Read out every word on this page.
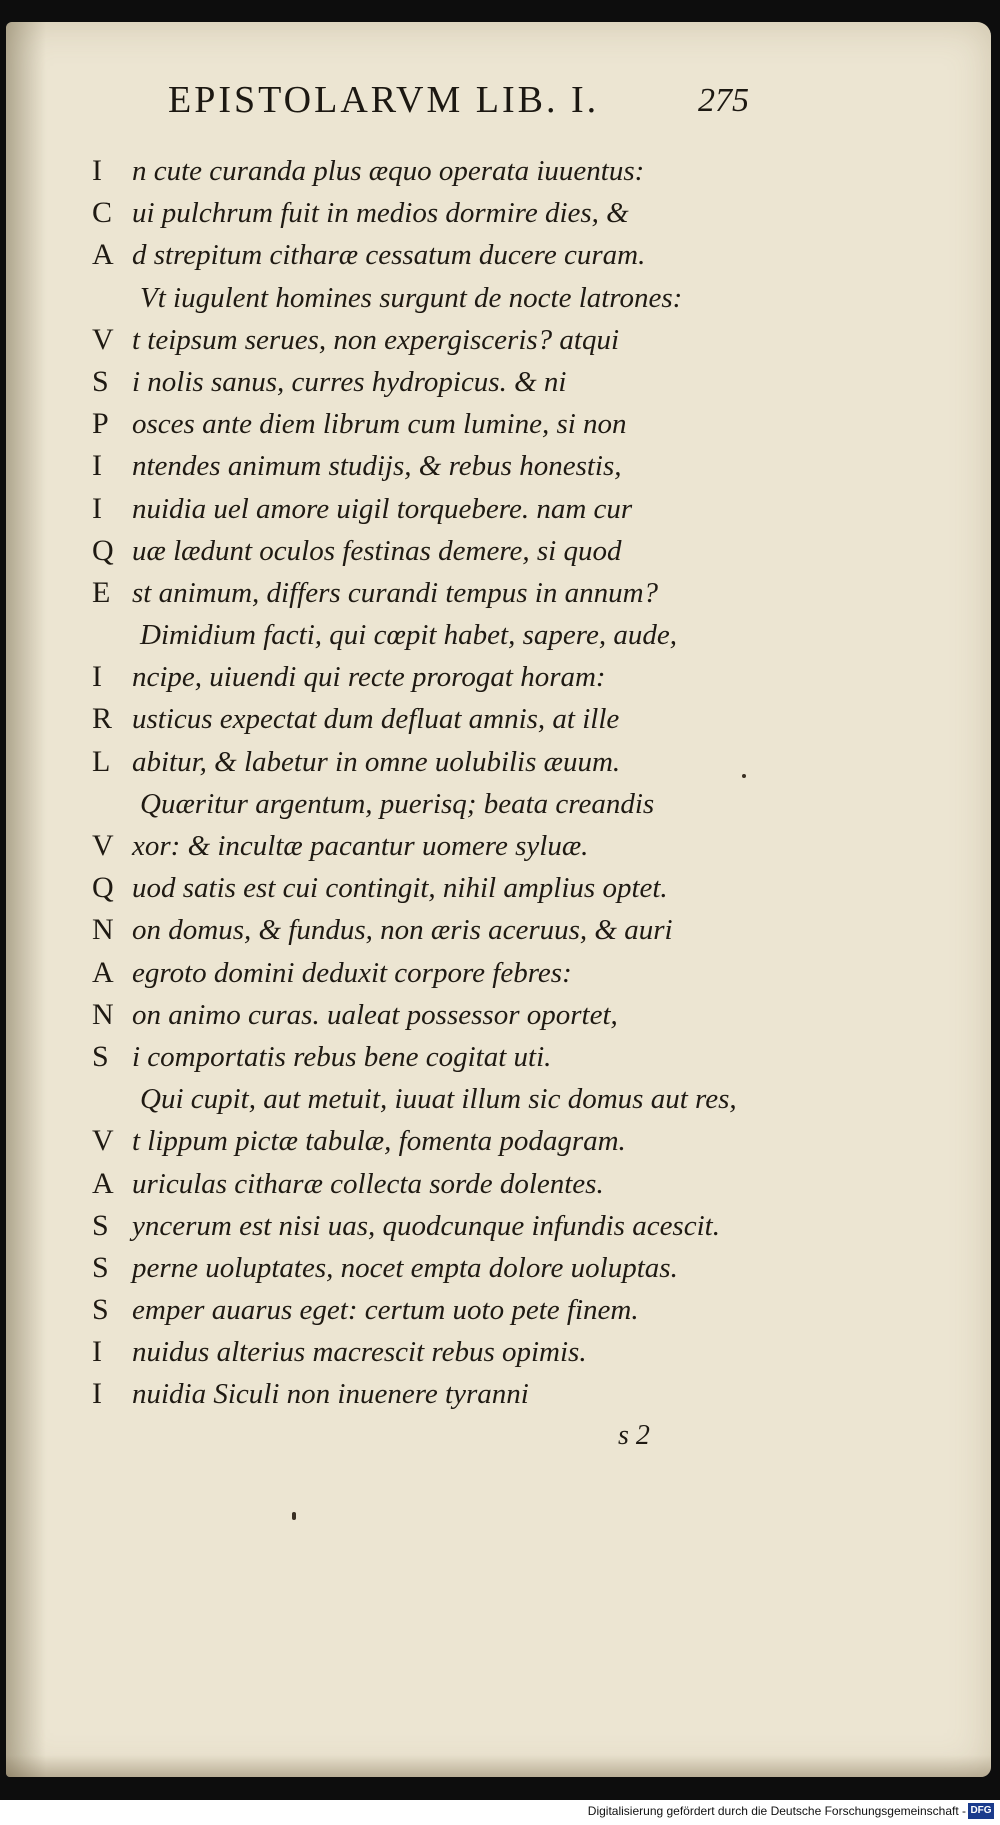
EPISTOLARVM LIB. I.	275
I n cute curanda plus æquo operata iuuentus:
C ui pulchrum fuit in medios dormire dies, &
A d strepitum citharæ cessatum ducere curam.
Vt iugulent homines surgunt de nocte latrones:
V t teipsum serues, non expergisceris? atqui
S i nolis sanus, curres hydropicus. & ni
P osces ante diem librum cum lumine, si non
I ntendes animum studijs, & rebus honestis,
I nuidia uel amore uigil torquebere. nam cur
Q uæ lædunt oculos festinas demere, si quod
E st animum, differs curandi tempus in annum?
Dimidium facti, qui cœpit habet, sapere, aude,
I ncipe, uiuendi qui recte prorogat horam:
R usticus expectat dum defluat amnis, at ille
L abitur, & labetur in omne uolubilis æuum.
Quæritur argentum, puerisq; beata creandis
V xor: & incultæ pacantur uomere syluæ.
Q uod satis est cui contingit, nihil amplius optet.
N on domus, & fundus, non æris aceruus, & auri
A egroto domini deduxit corpore febres:
N on animo curas. ualeat possessor oportet,
S i comportatis rebus bene cogitat uti.
Qui cupit, aut metuit, iuuat illum sic domus aut res,
V t lippum pictæ tabulæ, fomenta podagram.
A uriculas citharæ collecta sorde dolentes.
S yncerum est nisi uas, quodcunque infundis acescit.
S perne uoluptates, nocet empta dolore uoluptas.
S emper auarus eget: certum uoto pete finem.
I nuidus alterius macrescit rebus opimis.
I nuidia Siculi non inuenere tyranni
s 2
Digitalisierung gefördert durch die Deutsche Forschungsgemeinschaft - DFG
